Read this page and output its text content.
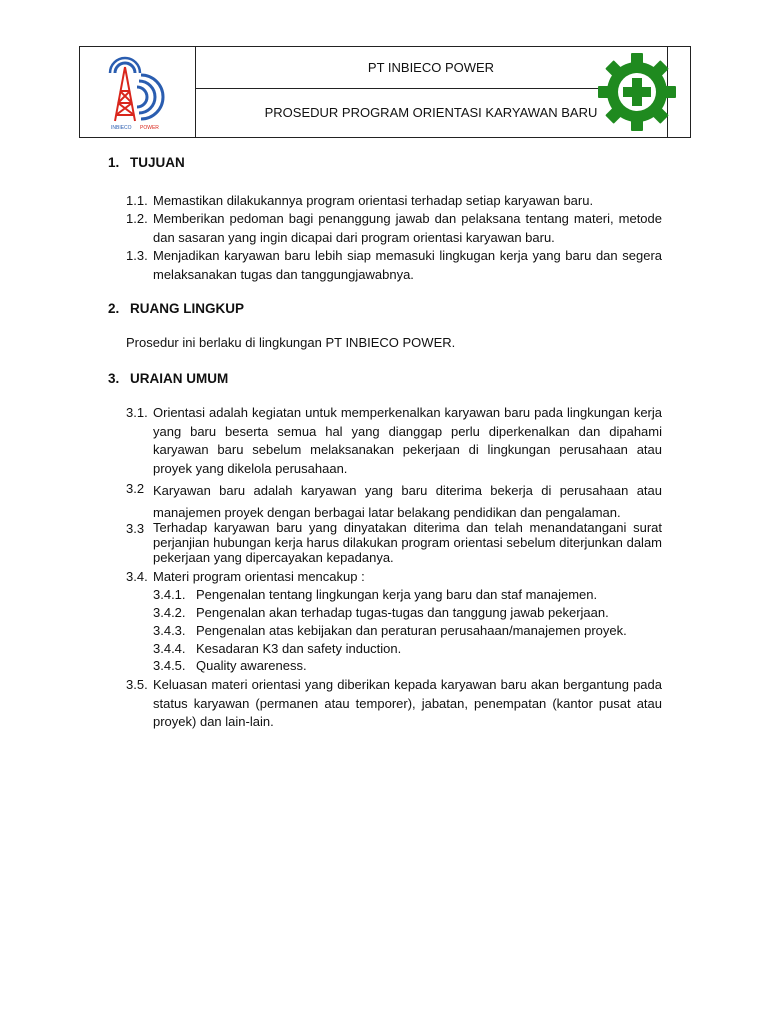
PT INBIECO POWER
PROSEDUR PROGRAM ORIENTASI KARYAWAN BARU
INBIECO POWER
1. TUJUAN
1.1. Memastikan dilakukannya program orientasi terhadap setiap karyawan baru.
1.2. Memberikan pedoman bagi penanggung jawab dan pelaksana tentang materi, metode dan sasaran yang ingin dicapai dari program orientasi karyawan baru.
1.3. Menjadikan karyawan baru lebih siap memasuki lingkugan kerja yang baru dan segera melaksanakan tugas dan tanggungjawabnya.
2. RUANG LINGKUP
Prosedur ini berlaku di lingkungan PT INBIECO POWER.
3. URAIAN UMUM
3.1. Orientasi adalah kegiatan untuk memperkenalkan karyawan baru pada lingkungan kerja yang baru beserta semua hal yang dianggap perlu diperkenalkan dan dipahami karyawan baru sebelum melaksanakan pekerjaan di lingkungan perusahaan atau proyek yang dikelola perusahaan.
3.2 Karyawan baru adalah karyawan yang baru diterima bekerja di perusahaan atau manajemen proyek dengan berbagai latar belakang pendidikan dan pengalaman.
3.3 Terhadap karyawan baru yang dinyatakan diterima dan telah menandatangani surat perjanjian hubungan kerja harus dilakukan program orientasi sebelum diterjunkan dalam pekerjaan yang dipercayakan kepadanya.
3.4. Materi program orientasi mencakup :
3.4.1. Pengenalan tentang lingkungan kerja yang baru dan staf manajemen.
3.4.2. Pengenalan akan terhadap tugas-tugas dan tanggung jawab pekerjaan.
3.4.3. Pengenalan atas kebijakan dan peraturan perusahaan/manajemen proyek.
3.4.4. Kesadaran K3 dan safety induction.
3.4.5. Quality awareness.
3.5. Keluasan materi orientasi yang diberikan kepada karyawan baru akan bergantung pada status karyawan (permanen atau temporer), jabatan, penempatan (kantor pusat atau proyek) dan lain-lain.
